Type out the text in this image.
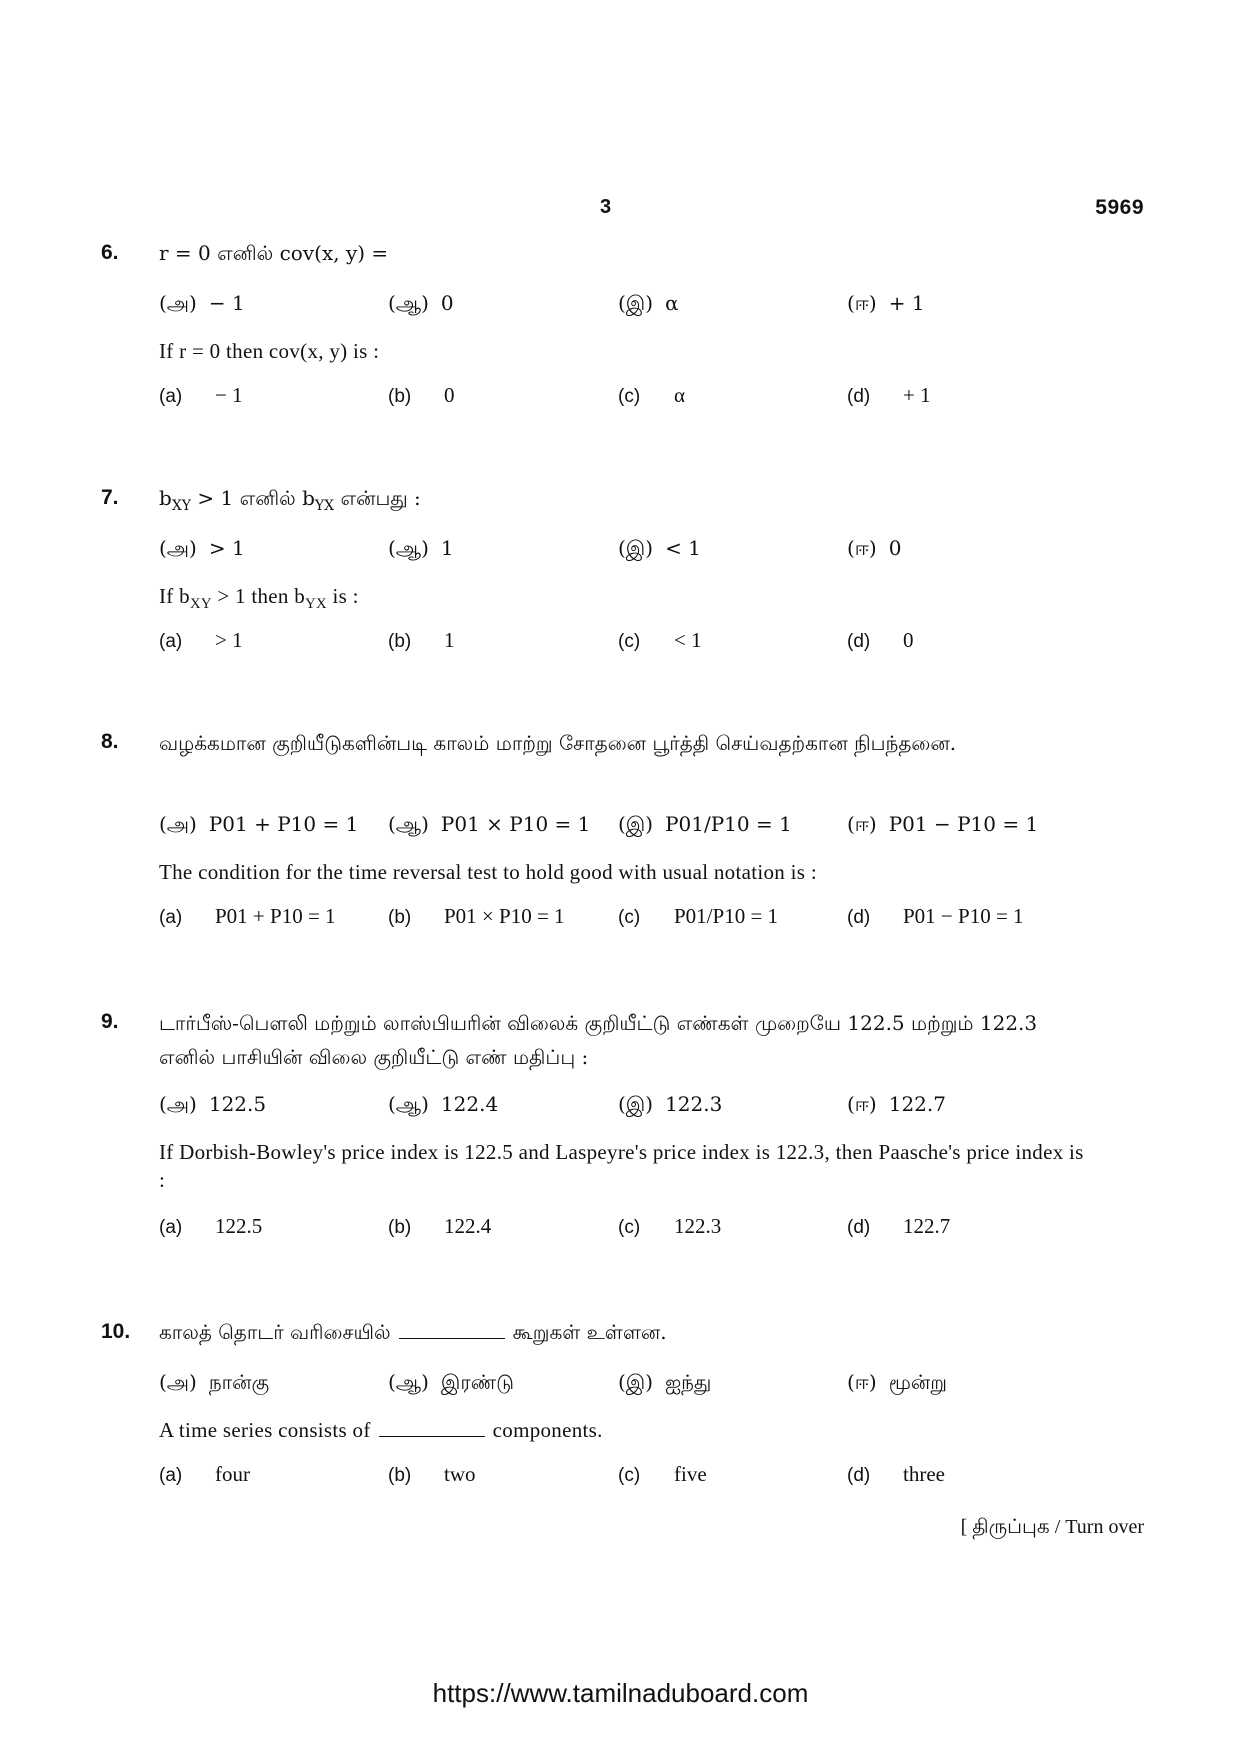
3	5969
6. r = 0 எனில் cov(x, y) =
(அ) − 1	(ஆ) 0	(இ) α	(ஈ) + 1
If r = 0 then cov(x, y) is :
(a) − 1	(b) 0	(c) α	(d) + 1
7. $b_{XY} > 1$ எனில் $b_{YX}$ என்பது :
(அ) > 1	(ஆ) 1	(இ) < 1	(ஈ) 0
If $b_{XY} > 1$ then $b_{YX}$ is :
(a) > 1	(b) 1	(c) < 1	(d) 0
8. வழக்கமான குறியீடுகளின்படி காலம் மாற்று சோதனை பூர்த்தி செய்வதற்கான நிபந்தனை.
(அ) P01 + P10 = 1 (ஆ) P01 × P10 = 1 (இ) P01/P10 = 1	(ஈ) P01 − P10 = 1
The condition for the time reversal test to hold good with usual notation is :
(a) P01 + P10 = 1	(b) P01 × P10 = 1	(c) P01/P10 = 1	(d) P01 − P10 = 1
9. டார்பீஸ்-பௌலி மற்றும் லாஸ்பியரின் விலைக் குறியீட்டு எண்கள் முறையே 122.5 மற்றும் 122.3 எனில் பாசியின் விலை குறியீட்டு எண் மதிப்பு :
(அ) 122.5	(ஆ) 122.4	(இ) 122.3	(ஈ) 122.7
If Dorbish-Bowley's price index is 122.5 and Laspeyre's price index is 122.3, then Paasche's price index is :
(a) 122.5	(b) 122.4	(c) 122.3	(d) 122.7
10. காலத் தொடர் வரிசையில்	கூறுகள் உள்ளன.
(அ) நான்கு	(ஆ) இரண்டு	(இ) ஐந்து	(ஈ) மூன்று
A time series consists of	components.
(a) four	(b) two	(c) five	(d) three
[ திருப்புக / Turn over
https://www.tamilnaduboard.com
